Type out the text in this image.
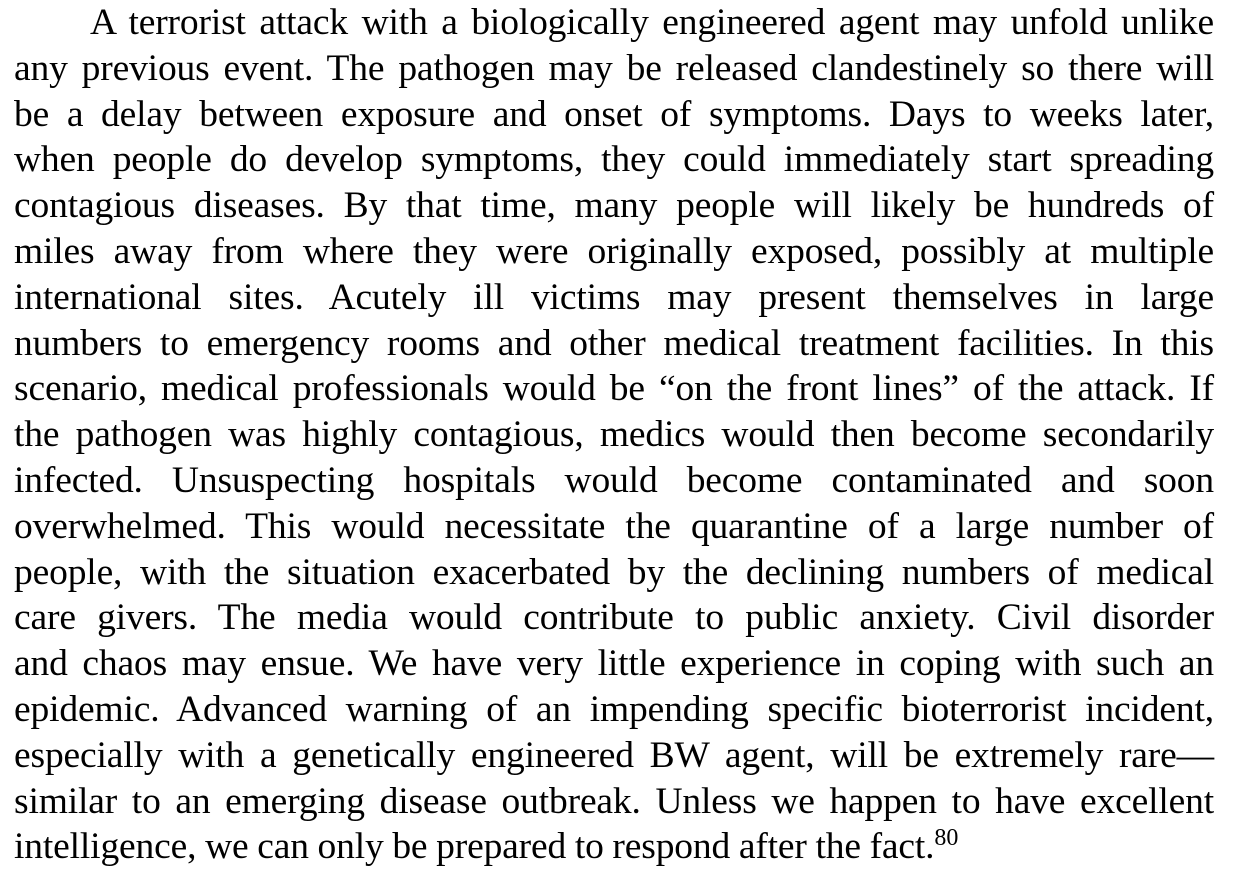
A terrorist attack with a biologically engineered agent may unfold unlike
any previous event. The pathogen may be released clandestinely so there will
be a delay between exposure and onset of symptoms. Days to weeks later,
when people do develop symptoms, they could immediately start spreading
contagious diseases. By that time, many people will likely be hundreds of
miles away from where they were originally exposed, possibly at multiple
international sites. Acutely ill victims may present themselves in large
numbers to emergency rooms and other medical treatment facilities. In this
scenario, medical professionals would be “on the front lines” of the attack. If
the pathogen was highly contagious, medics would then become secondarily
infected. Unsuspecting hospitals would become contaminated and soon
overwhelmed. This would necessitate the quarantine of a large number of
people, with the situation exacerbated by the declining numbers of medical
care givers. The media would contribute to public anxiety. Civil disorder
and chaos may ensue. We have very little experience in coping with such an
epidemic. Advanced warning of an impending specific bioterrorist incident,
especially with a genetically engineered BW agent, will be extremely rare—
similar to an emerging disease outbreak. Unless we happen to have excellent
intelligence, we can only be prepared to respond after the fact.$^{80}$
